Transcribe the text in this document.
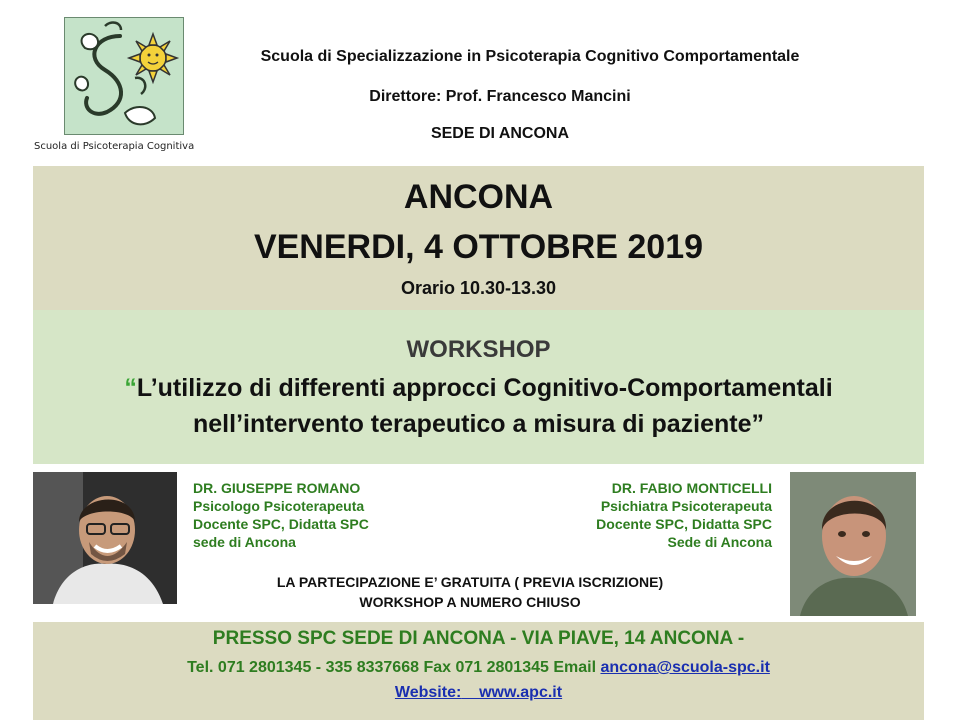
Scuola di Psicoterapia Cognitiva
Scuola di Specializzazione in Psicoterapia Cognitivo Comportamentale
Direttore: Prof. Francesco Mancini
SEDE DI ANCONA
ANCONA
VENERDI, 4 OTTOBRE 2019
Orario 10.30-13.30
WORKSHOP
“L’utilizzo di differenti approcci Cognitivo-Comportamentali
nell’intervento terapeutico a misura di paziente”
DR. GIUSEPPE ROMANO
Psicologo Psicoterapeuta
Docente SPC, Didatta SPC
sede di Ancona
DR. FABIO MONTICELLI
Psichiatra Psicoterapeuta
Docente SPC, Didatta SPC
Sede di Ancona
LA PARTECIPAZIONE E’ GRATUITA ( PREVIA ISCRIZIONE)
WORKSHOP A NUMERO CHIUSO
PRESSO SPC SEDE DI ANCONA - VIA PIAVE, 14 ANCONA -
Tel. 071 2801345 - 335 8337668 Fax 071 2801345 Email ancona@scuola-spc.it
Website: www.apc.it
